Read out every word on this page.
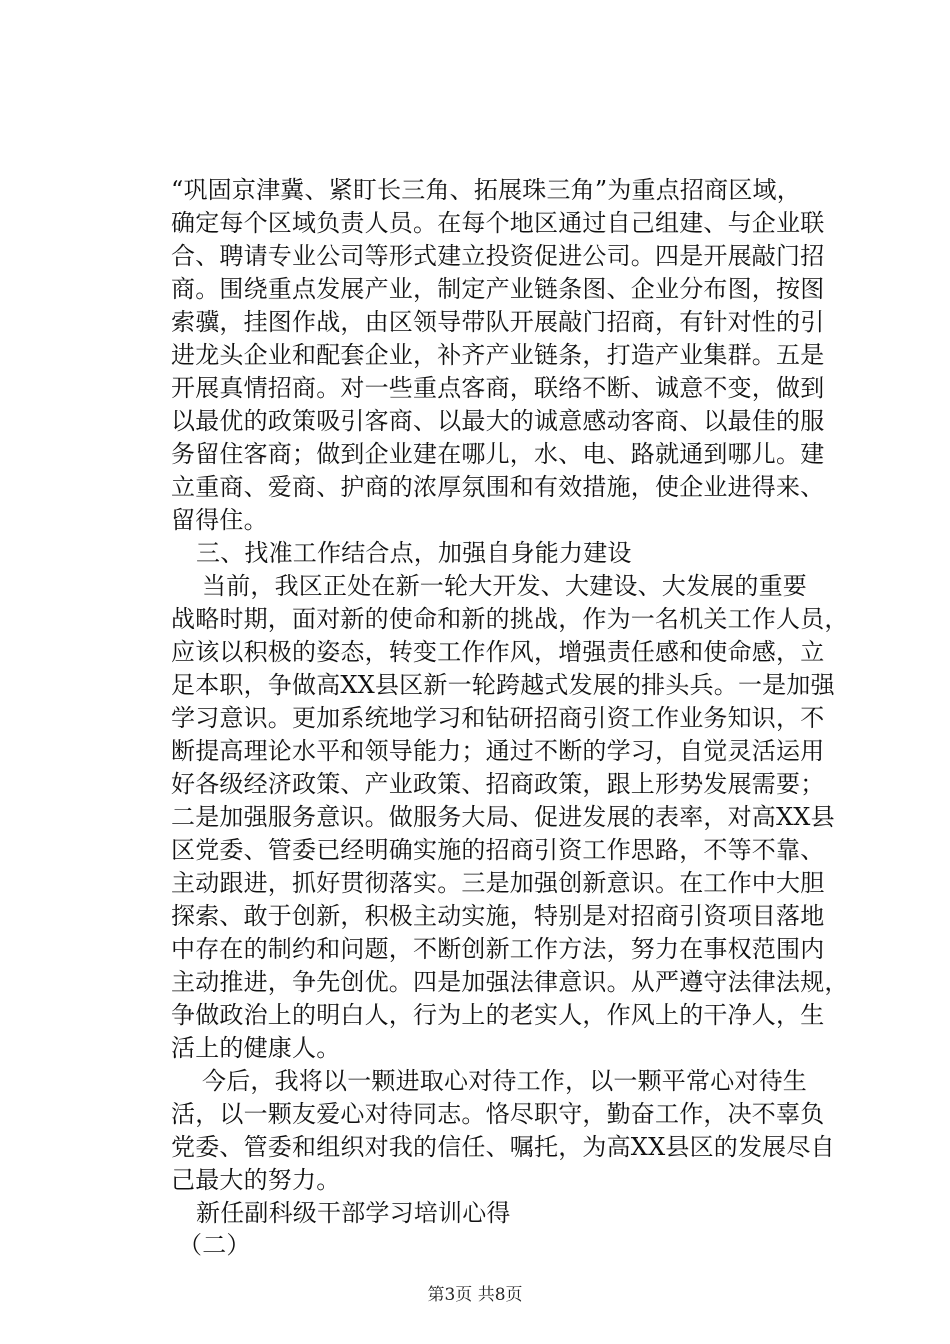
“巩固京津冀、紧盯长三角、拓展珠三角”为重点招商区域，
确定每个区域负责人员。在每个地区通过自己组建、与企业联
合、聘请专业公司等形式建立投资促进公司。四是开展敲门招
商。围绕重点发展产业，制定产业链条图、企业分布图，按图
索骥，挂图作战，由区领导带队开展敲门招商，有针对性的引
进龙头企业和配套企业，补齐产业链条，打造产业集群。五是
开展真情招商。对一些重点客商，联络不断、诚意不变，做到
以最优的政策吸引客商、以最大的诚意感动客商、以最佳的服
务留住客商；做到企业建在哪儿，水、电、路就通到哪儿。建
立重商、爱商、护商的浓厚氛围和有效措施，使企业进得来、
留得住。
三、找准工作结合点，加强自身能力建设
当前，我区正处在新一轮大开发、大建设、大发展的重要
战略时期，面对新的使命和新的挑战，作为一名机关工作人员，
应该以积极的姿态，转变工作作风，增强责任感和使命感，立
足本职，争做高XX县区新一轮跨越式发展的排头兵。一是加强
学习意识。更加系统地学习和钻研招商引资工作业务知识，不
断提高理论水平和领导能力；通过不断的学习，自觉灵活运用
好各级经济政策、产业政策、招商政策，跟上形势发展需要；
二是加强服务意识。做服务大局、促进发展的表率，对高XX县
区党委、管委已经明确实施的招商引资工作思路，不等不靠、
主动跟进，抓好贯彻落实。三是加强创新意识。在工作中大胆
探索、敢于创新，积极主动实施，特别是对招商引资项目落地
中存在的制约和问题，不断创新工作方法，努力在事权范围内
主动推进，争先创优。四是加强法律意识。从严遵守法律法规，
争做政治上的明白人，行为上的老实人，作风上的干净人，生
活上的健康人。
今后，我将以一颗进取心对待工作，以一颗平常心对待生
活，以一颗友爱心对待同志。恪尽职守，勤奋工作，决不辜负
党委、管委和组织对我的信任、嘱托，为高XX县区的发展尽自
己最大的努力。
新任副科级干部学习培训心得
（二）
第3页 共8页
